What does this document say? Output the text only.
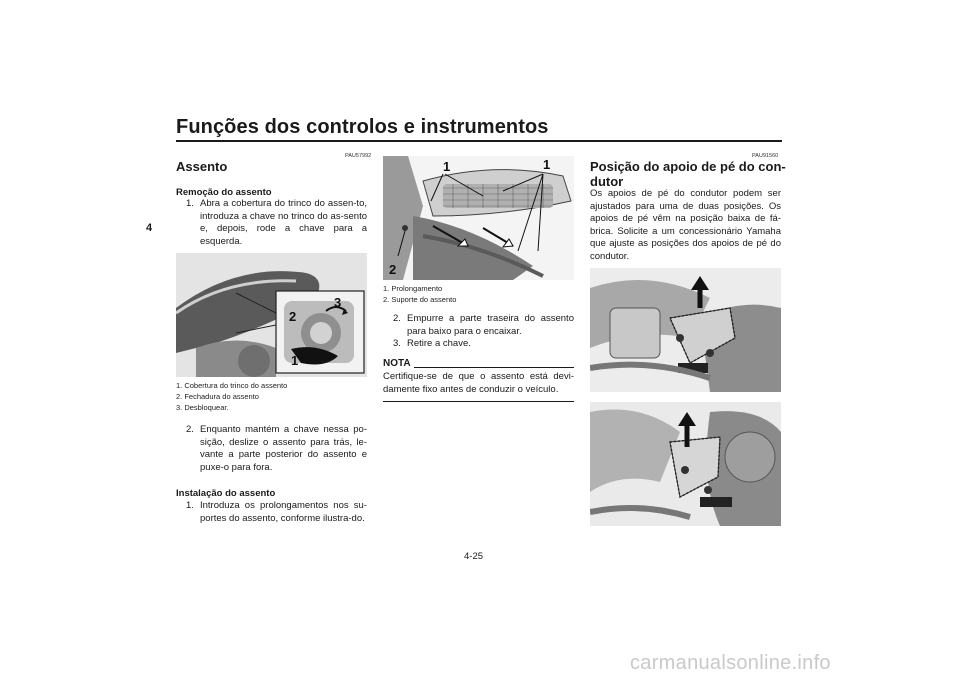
Funções dos controlos e instrumentos
4
PAU57992
Assento
Remoção do assento
1. Abra a cobertura do trinco do assen-to, introduza a chave no trinco do as-sento e, depois, rode a chave para a esquerda.
2
3
1
1. Cobertura do trinco do assento
2. Fechadura do assento
3. Desbloquear.
2. Enquanto mantém a chave nessa po-sição, deslize o assento para trás, le-vante a parte posterior do assento e puxe-o para fora.
Instalação do assento
1. Introduza os prolongamentos nos su-portes do assento, conforme ilustra-do.
1	1
2
1. Prolongamento
2. Suporte do assento
2. Empurre a parte traseira do assento para baixo para o encaixar.
3. Retire a chave.
NOTA
Certifique-se de que o assento está devi-damente fixo antes de conduzir o veículo.
PAU91560
Posição do apoio de pé do con-
dutor
Os apoios de pé do condutor podem ser ajustados para uma de duas posições. Os apoios de pé vêm na posição baixa de fá-brica. Solicite a um concessionário Yamaha que ajuste as posições dos apoios de pé do condutor.
4-25
carmanualsonline.info
